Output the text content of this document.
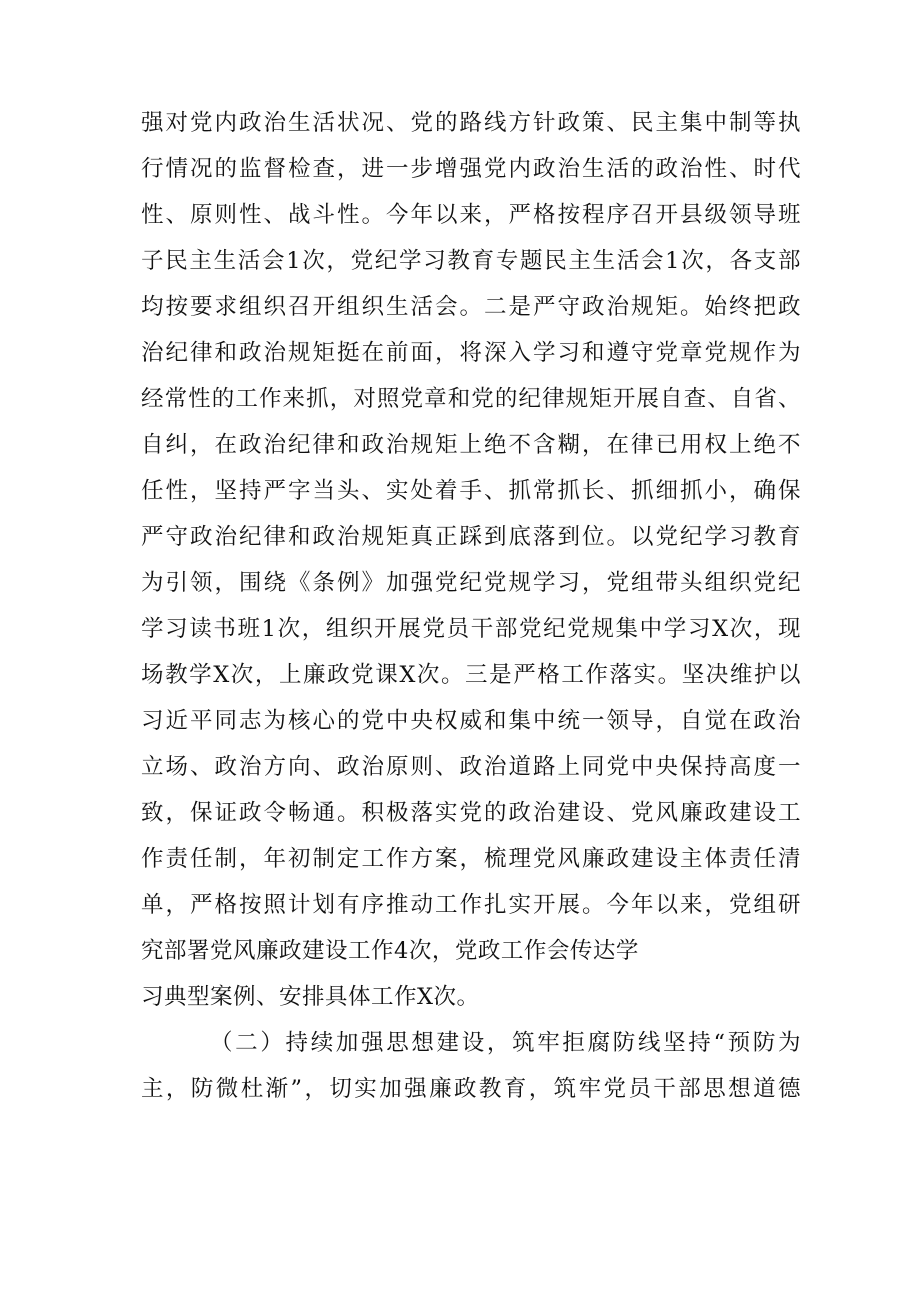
强对党内政治生活状况、党的路线方针政策、民主集中制等执
行情况的监督检查，进一步增强党内政治生活的政治性、时代
性、原则性、战斗性。今年以来，严格按程序召开县级领导班
子民主生活会1次，党纪学习教育专题民主生活会1次，各支部
均按要求组织召开组织生活会。二是严守政治规矩。始终把政
治纪律和政治规矩挺在前面，将深入学习和遵守党章党规作为
经常性的工作来抓，对照党章和党的纪律规矩开展自查、自省、
自纠，在政治纪律和政治规矩上绝不含糊，在律已用权上绝不
任性，坚持严字当头、实处着手、抓常抓长、抓细抓小，确保
严守政治纪律和政治规矩真正踩到底落到位。以党纪学习教育
为引领，围绕《条例》加强党纪党规学习，党组带头组织党纪
学习读书班1次，组织开展党员干部党纪党规集中学习X次，现
场教学X次，上廉政党课X次。三是严格工作落实。坚决维护以
习近平同志为核心的党中央权威和集中统一领导，自觉在政治
立场、政治方向、政治原则、政治道路上同党中央保持高度一
致，保证政令畅通。积极落实党的政治建设、党风廉政建设工
作责任制，年初制定工作方案，梳理党风廉政建设主体责任清
单，严格按照计划有序推动工作扎实开展。今年以来，党组研
究部署党风廉政建设工作4次，党政工作会传达学
习典型案例、安排具体工作X次。
（二）持续加强思想建设，筑牢拒腐防线坚持“预防为
主，防微杜渐”，切实加强廉政教育，筑牢党员干部思想道德
